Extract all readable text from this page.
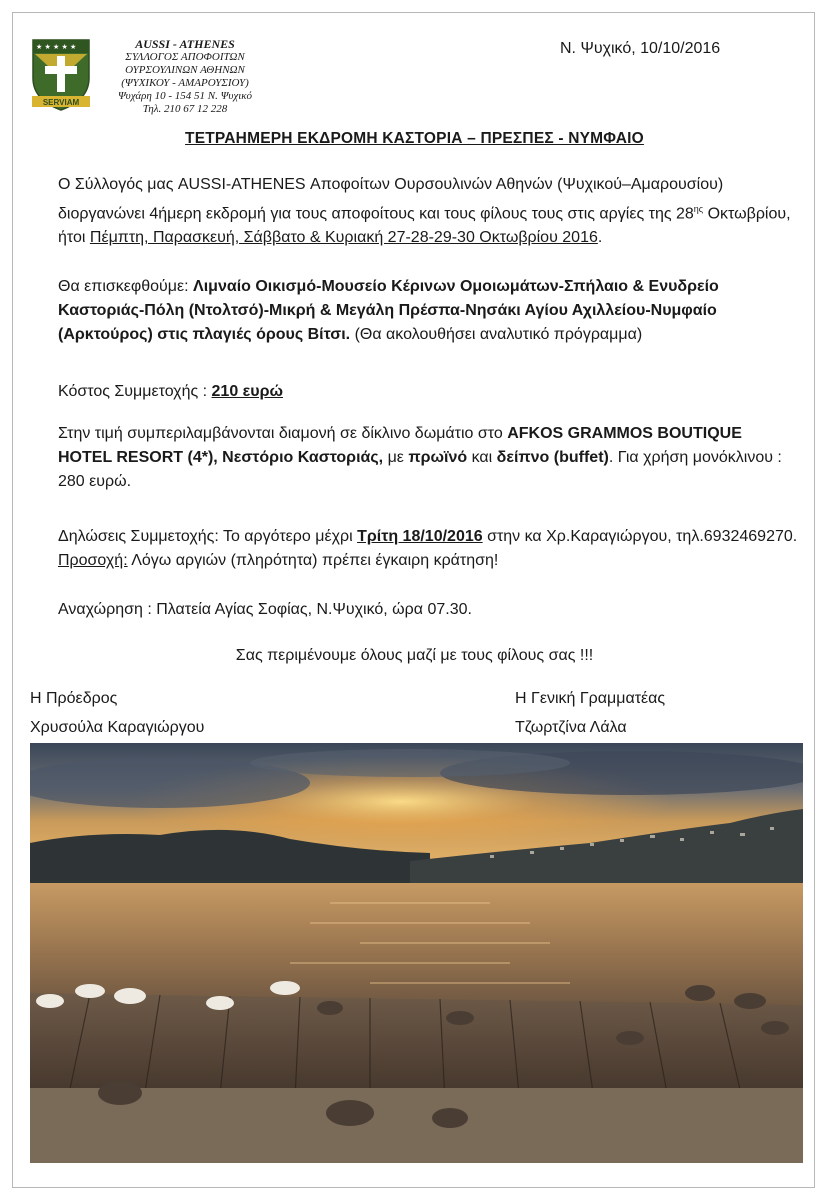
★ ★ ★ ★ ★
SERVIAM
AUSSI - ATHENES
ΣΥΛΛΟΓΟΣ ΑΠΟΦΟΙΤΩΝ
ΟΥΡΣΟΥΛΙΝΩΝ ΑΘΗΝΩΝ
(ΨΥΧΙΚΟΥ - ΑΜΑΡΟΥΣΙΟΥ)
Ψυχάρη 10 - 154 51 Ν. Ψυχικό
Τηλ. 210 67 12 228
Ν. Ψυχικό, 10/10/2016
ΤΕΤΡΑΗΜΕΡΗ ΕΚΔΡΟΜΗ ΚΑΣΤΟΡΙΑ – ΠΡΕΣΠΕΣ - ΝΥΜΦΑΙΟ
Ο Σύλλογός μας AUSSI-ATHENES Αποφοίτων Ουρσουλινών Αθηνών (Ψυχικού–Αμαρουσίου) διοργανώνει 4ήμερη εκδρομή για τους αποφοίτους και τους φίλους τους στις αργίες της $28^{\eta\varsigma}$ Οκτωβρίου, ήτοι Πέμπτη, Παρασκευή, Σάββατο & Κυριακή 27-28-29-30 Οκτωβρίου 2016.
Θα επισκεφθούμε: Λιμναίο Οικισμό-Μουσείο Κέρινων Ομοιωμάτων-Σπήλαιο & Ενυδρείο Καστοριάς-Πόλη (Ντολτσό)-Μικρή & Μεγάλη Πρέσπα-Νησάκι Αγίου Αχιλλείου-Νυμφαίο (Αρκτούρος) στις πλαγιές όρους Βίτσι. (Θα ακολουθήσει αναλυτικό πρόγραμμα)
Κόστος Συμμετοχής : 210 ευρώ
Στην τιμή συμπεριλαμβάνονται διαμονή σε δίκλινο δωμάτιο στο AFKOS GRAMMOS BOUTIQUE HOTEL RESORT (4*), Νεστόριο Καστοριάς, με πρωϊνό και δείπνο (buffet). Για χρήση μονόκλινου : 280 ευρώ.
Δηλώσεις Συμμετοχής: Το αργότερο μέχρι Τρίτη 18/10/2016 στην κα Χρ.Καραγιώργου, τηλ.6932469270. Προσοχή: Λόγω αργιών (πληρότητα) πρέπει έγκαιρη κράτηση!
Αναχώρηση : Πλατεία Αγίας Σοφίας, Ν.Ψυχικό, ώρα 07.30.
Σας περιμένουμε όλους μαζί με τους φίλους σας !!!
Η Πρόεδρος
Χρυσούλα Καραγιώργου
Η Γενική Γραμματέας
Τζωρτζίνα Λάλα
